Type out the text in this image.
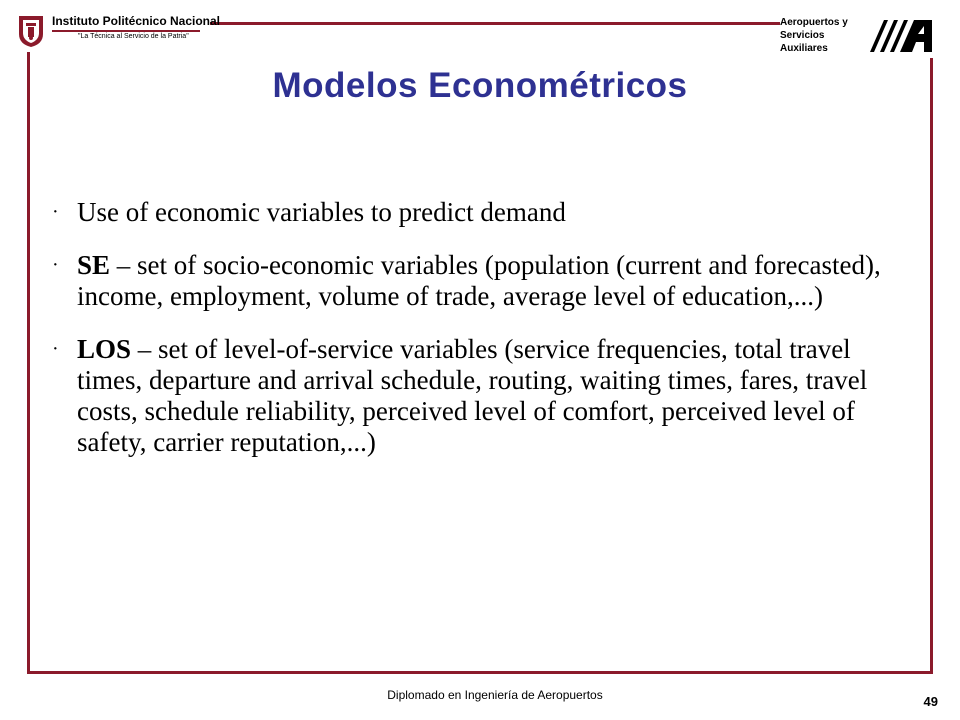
Instituto Politécnico Nacional
"La Técnica al Servicio de la Patria"
Aeropuertos y
Servicios
Auxiliares
Modelos Econométricos
· Use of economic variables to predict demand
· SE – set of socio-economic variables (population (current and forecasted), income, employment, volume of trade, average level of education,...)
· LOS – set of level-of-service variables (service frequencies, total travel times, departure and arrival schedule, routing, waiting times, fares, travel costs, schedule reliability, perceived level of comfort, perceived level of safety, carrier reputation,...)
Diplomado en Ingeniería de Aeropuertos	49
